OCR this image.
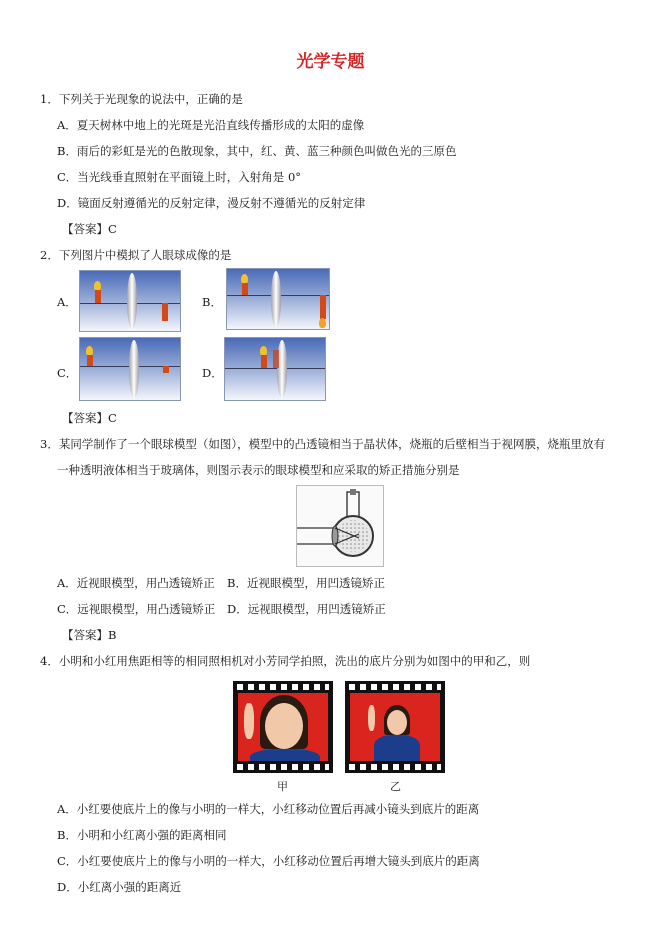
光学专题
1．下列关于光现象的说法中，正确的是
A．夏天树林中地上的光斑是光沿直线传播形成的太阳的虚像
B．雨后的彩虹是光的色散现象，其中，红、黄、蓝三种颜色叫做色光的三原色
C．当光线垂直照射在平面镜上时，入射角是 0°
D．镜面反射遵循光的反射定律，漫反射不遵循光的反射定律
【答案】C
2．下列图片中模拟了人眼球成像的是
A．	B．
C．	D．
【答案】C
3．某同学制作了一个眼球模型（如图），模型中的凸透镜相当于晶状体，烧瓶的后壁相当于视网膜，烧瓶里放有
一种透明液体相当于玻璃体，则图示表示的眼球模型和应采取的矫正措施分别是
A．近视眼模型，用凸透镜矫正 B．近视眼模型，用凹透镜矫正
C．远视眼模型，用凸透镜矫正 D．远视眼模型，用凹透镜矫正
【答案】B
4．小明和小红用焦距相等的相同照相机对小芳同学拍照，洗出的底片分别为如图中的甲和乙，则
甲	乙
A．小红要使底片上的像与小明的一样大，小红移动位置后再减小镜头到底片的距离
B．小明和小红离小强的距离相同
C．小红要使底片上的像与小明的一样大，小红移动位置后再增大镜头到底片的距离
D．小红离小强的距离近
